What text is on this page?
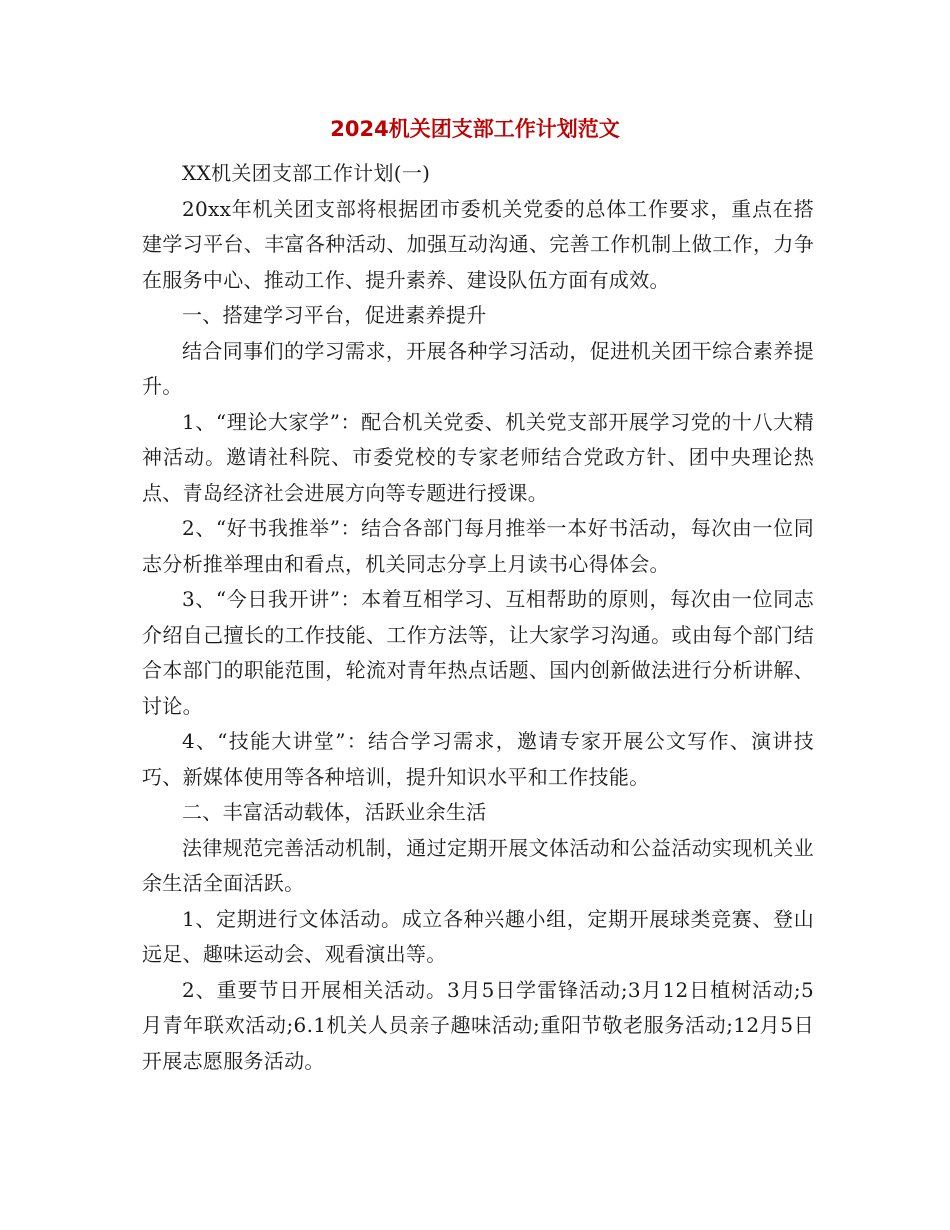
2024机关团支部工作计划范文

XX机关团支部工作计划(一)

20xx年机关团支部将根据团市委机关党委的总体工作要求，重点在搭建学习平台、丰富各种活动、加强互动沟通、完善工作机制上做工作，力争在服务中心、推动工作、提升素养、建设队伍方面有成效。

一、搭建学习平台，促进素养提升

结合同事们的学习需求，开展各种学习活动，促进机关团干综合素养提升。

1、“理论大家学”：配合机关党委、机关党支部开展学习党的十八大精神活动。邀请社科院、市委党校的专家老师结合党政方针、团中央理论热点、青岛经济社会进展方向等专题进行授课。

2、“好书我推举”：结合各部门每月推举一本好书活动，每次由一位同志分析推举理由和看点，机关同志分享上月读书心得体会。

3、“今日我开讲”：本着互相学习、互相帮助的原则，每次由一位同志介绍自己擅长的工作技能、工作方法等，让大家学习沟通。或由每个部门结合本部门的职能范围，轮流对青年热点话题、国内创新做法进行分析讲解、讨论。

4、“技能大讲堂”：结合学习需求，邀请专家开展公文写作、演讲技巧、新媒体使用等各种培训，提升知识水平和工作技能。

二、丰富活动载体，活跃业余生活

法律规范完善活动机制，通过定期开展文体活动和公益活动实现机关业余生活全面活跃。

1、定期进行文体活动。成立各种兴趣小组，定期开展球类竞赛、登山远足、趣味运动会、观看演出等。

2、重要节日开展相关活动。3月5日学雷锋活动;3月12日植树活动;5月青年联欢活动;6.1机关人员亲子趣味活动;重阳节敬老服务活动;12月5日开展志愿服务活动。
